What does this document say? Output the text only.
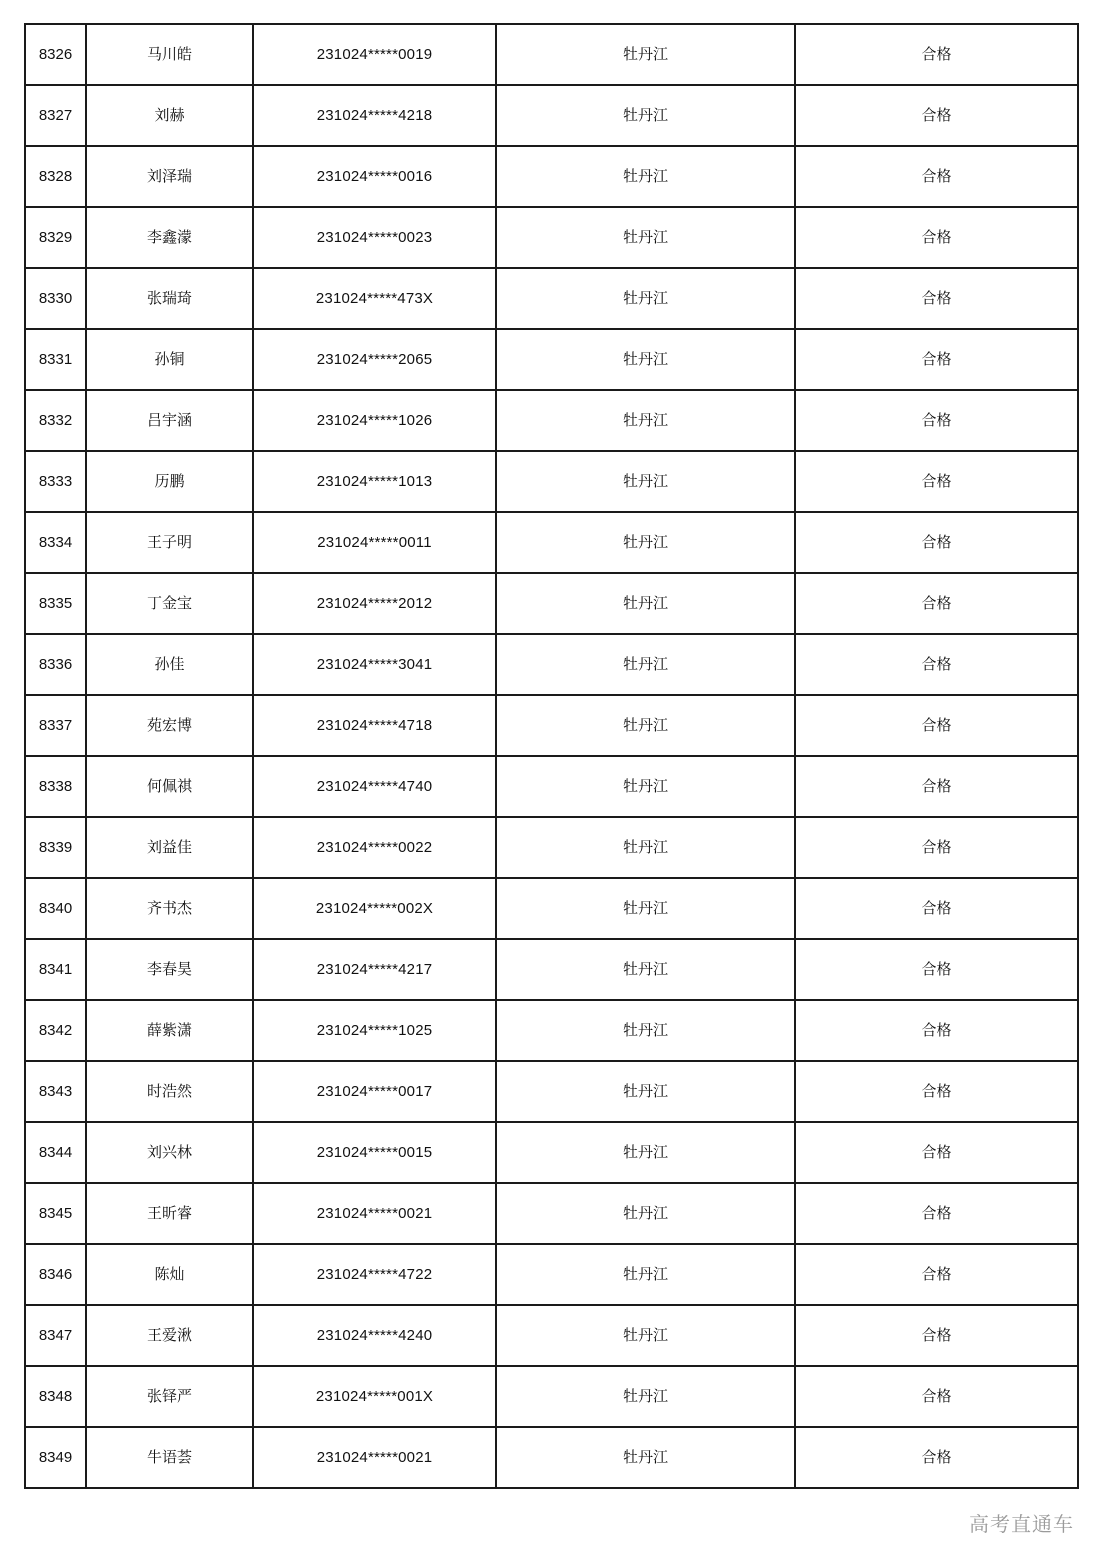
8326	马川皓	231024*****0019	牡丹江	合格
8327	刘赫	231024*****4218	牡丹江	合格
8328	刘泽瑞	231024*****0016	牡丹江	合格
8329	李鑫濛	231024*****0023	牡丹江	合格
8330	张瑞琦	231024*****473X	牡丹江	合格
8331	孙铜	231024*****2065	牡丹江	合格
8332	吕宇涵	231024*****1026	牡丹江	合格
8333	历鹏	231024*****1013	牡丹江	合格
8334	王子明	231024*****0011	牡丹江	合格
8335	丁金宝	231024*****2012	牡丹江	合格
8336	孙佳	231024*****3041	牡丹江	合格
8337	苑宏博	231024*****4718	牡丹江	合格
8338	何佩祺	231024*****4740	牡丹江	合格
8339	刘益佳	231024*****0022	牡丹江	合格
8340	齐书杰	231024*****002X	牡丹江	合格
8341	李春昊	231024*****4217	牡丹江	合格
8342	薛紫潇	231024*****1025	牡丹江	合格
8343	时浩然	231024*****0017	牡丹江	合格
8344	刘兴林	231024*****0015	牡丹江	合格
8345	王昕睿	231024*****0021	牡丹江	合格
8346	陈灿	231024*****4722	牡丹江	合格
8347	王爱湫	231024*****4240	牡丹江	合格
8348	张铎严	231024*****001X	牡丹江	合格
8349	牛语荟	231024*****0021	牡丹江	合格
高考直通车
